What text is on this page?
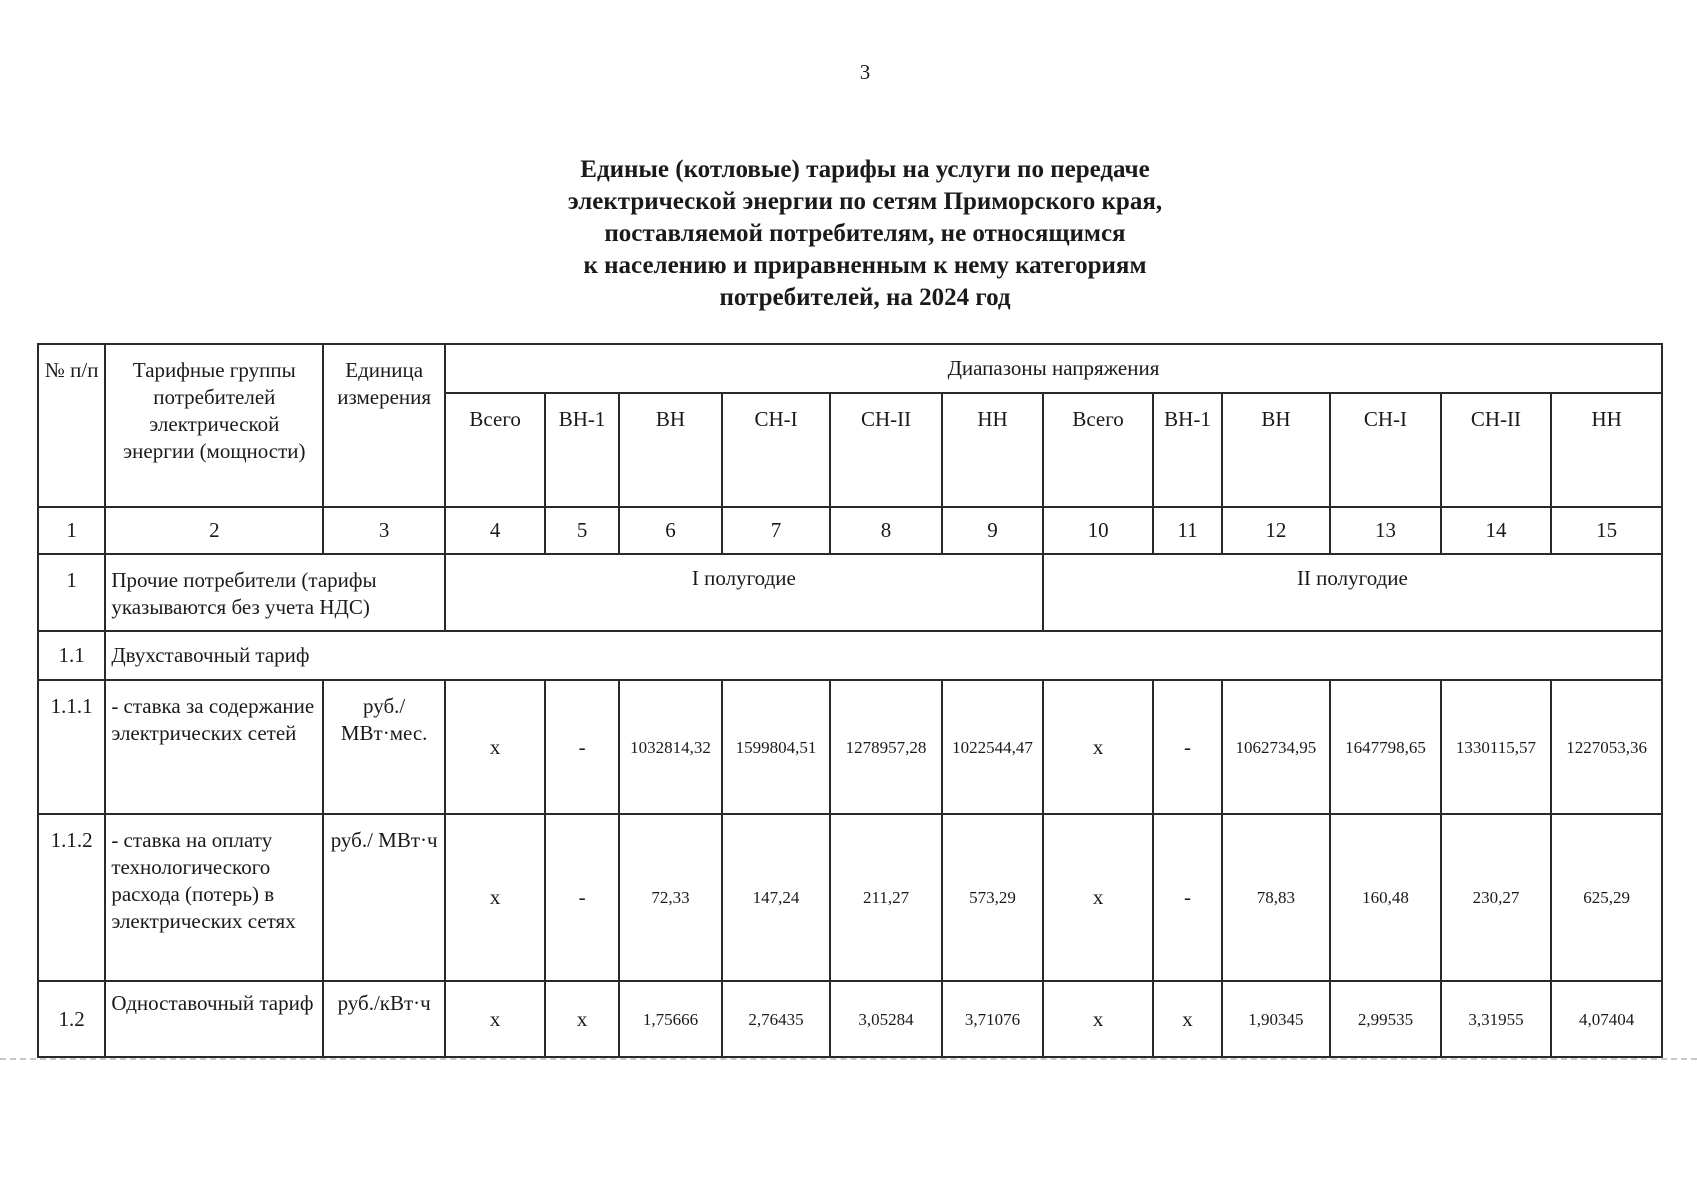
3
Единые (котловые) тарифы на услуги по передаче
электрической энергии по сетям Приморского края,
поставляемой потребителям, не относящимся
к населению и приравненным к нему категориям
потребителей, на 2024 год
№ п/п	Тарифные группы потребителей электрической энергии (мощности)	Единица измерения	Диапазоны напряжения											
			Всего	ВН-1	ВН	СН-I	СН-II	НН	Всего	ВН-1	ВН	СН-I	СН-II	НН
1	2	3	4	5	6	7	8	9	10	11	12	13	14	15
1	Прочие потребители (тарифы указываются без учета НДС)		I полугодие						II полугодие					
1.1	Двухставочный тариф													
1.1.1	- ставка за содержание электрических сетей	руб./ МВт·мес.	х	-	1032814,32	1599804,51	1278957,28	1022544,47	х	-	1062734,95	1647798,65	1330115,57	1227053,36
1.1.2	- ставка на оплату технологического расхода (потерь) в электрических сетях	руб./ МВт·ч	х	-	72,33	147,24	211,27	573,29	х	-	78,83	160,48	230,27	625,29
1.2	Одноставочный тариф	руб./кВт·ч	х	х	1,75666	2,76435	3,05284	3,71076	х	х	1,90345	2,99535	3,31955	4,07404
